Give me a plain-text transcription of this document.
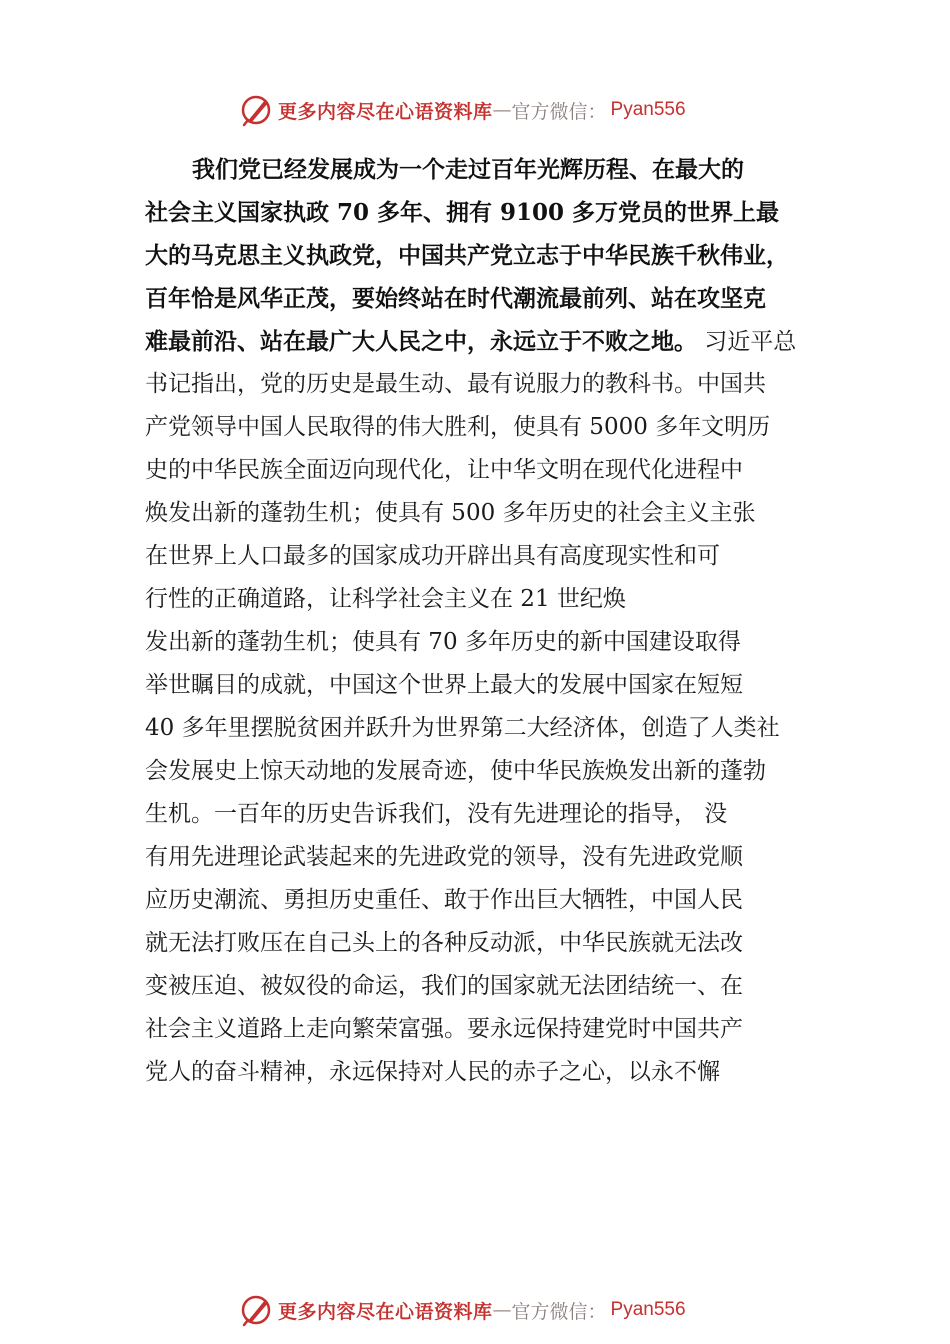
更多内容尽在心语资料库 — 官方微信： Pyan556
我们党已经发展成为一个走过百年光辉历程、在最大的
社会主义国家执政 70 多年、拥有 9100 多万党员的世界上最
大的马克思主义执政党，中国共产党立志于中华民族千秋伟业，
百年恰是风华正茂，要始终站在时代潮流最前列、站在攻坚克
难最前沿、站在最广大人民之中，永远立于不败之地。 习近平总
书记指出，党的历史是最生动、最有说服力的教科书。中国共
产党领导中国人民取得的伟大胜利，使具有 5000 多年文明历
史的中华民族全面迈向现代化，让中华文明在现代化进程中
焕发出新的蓬勃生机；使具有 500 多年历史的社会主义主张
在世界上人口最多的国家成功开辟出具有高度现实性和可
行性的正确道路，让科学社会主义在 21 世纪焕
发出新的蓬勃生机；使具有 70 多年历史的新中国建设取得
举世瞩目的成就，中国这个世界上最大的发展中国家在短短
40 多年里摆脱贫困并跃升为世界第二大经济体，创造了人类社
会发展史上惊天动地的发展奇迹，使中华民族焕发出新的蓬勃
生机。一百年的历史告诉我们，没有先进理论的指导， 没
有用先进理论武装起来的先进政党的领导，没有先进政党顺
应历史潮流、勇担历史重任、敢于作出巨大牺牲，中国人民
就无法打败压在自己头上的各种反动派，中华民族就无法改
变被压迫、被奴役的命运，我们的国家就无法团结统一、在
社会主义道路上走向繁荣富强。要永远保持建党时中国共产
党人的奋斗精神，永远保持对人民的赤子之心，以永不懈
更多内容尽在心语资料库 — 官方微信： Pyan556
